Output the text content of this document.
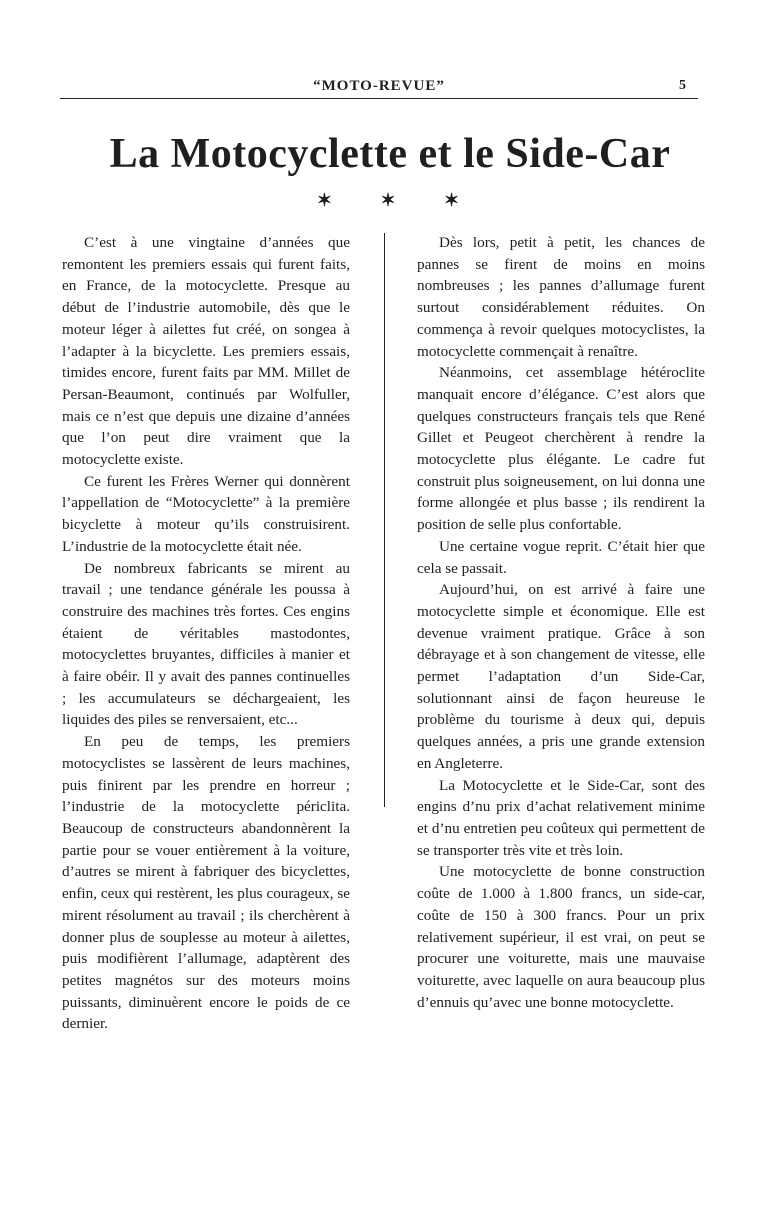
“MOTO-REVUE”	5
La Motocyclette et le Side-Car
✶ ✶ ✶

C’est à une vingtaine d’années que remontent les premiers essais qui furent faits, en France, de la motocyclette. Presque au début de l’industrie automobile, dès que le moteur léger à ailettes fut créé, on songea à l’adapter à la bicyclette. Les premiers essais, timides encore, furent faits par MM. Millet de Persan-Beaumont, continués par Wolfuller, mais ce n’est que depuis une dizaine d’années que l’on peut dire vraiment que la motocyclette existe.

Ce furent les Frères Werner qui donnèrent l’appellation de “Motocyclette” à la première bicyclette à moteur qu’ils construisirent. L’industrie de la motocyclette était née.

De nombreux fabricants se mirent au travail ; une tendance générale les poussa à construire des machines très fortes. Ces engins étaient de véritables mastodontes, motocyclettes bruyantes, difficiles à manier et à faire obéir. Il y avait des pannes continuelles ; les accumulateurs se déchargeaient, les liquides des piles se renversaient, etc...

En peu de temps, les premiers motocyclistes se lassèrent de leurs machines, puis finirent par les prendre en horreur ; l’industrie de la motocyclette périclita. Beaucoup de constructeurs abandonnèrent la partie pour se vouer entièrement à la voiture, d’autres se mirent à fabriquer des bicyclettes, enfin, ceux qui restèrent, les plus courageux, se mirent résolument au travail ; ils cherchèrent à donner plus de souplesse au moteur à ailettes, puis modifièrent l’allumage, adaptèrent des petites magnétos sur des moteurs moins puissants, diminuèrent encore le poids de ce dernier.

Dès lors, petit à petit, les chances de pannes se firent de moins en moins nombreuses ; les pannes d’allumage furent surtout considérablement réduites. On commença à revoir quelques motocyclistes, la motocyclette commençait à renaître.

Néanmoins, cet assemblage hétéroclite manquait encore d’élégance. C’est alors que quelques constructeurs français tels que René Gillet et Peugeot cherchèrent à rendre la motocyclette plus élégante. Le cadre fut construit plus soigneusement, on lui donna une forme allongée et plus basse ; ils rendirent la position de selle plus confortable.

Une certaine vogue reprit. C’était hier que cela se passait.

Aujourd’hui, on est arrivé à faire une motocyclette simple et économique. Elle est devenue vraiment pratique. Grâce à son débrayage et à son changement de vitesse, elle permet l’adaptation d’un Side-Car, solutionnant ainsi de façon heureuse le problème du tourisme à deux qui, depuis quelques années, a pris une grande extension en Angleterre.

La Motocyclette et le Side-Car, sont des engins d’nu prix d’achat relativement minime et d’nu entretien peu coûteux qui permettent de se transporter très vite et très loin.

Une motocyclette de bonne construction coûte de 1.000 à 1.800 francs, un side-car, coûte de 150 à 300 francs. Pour un prix relativement supérieur, il est vrai, on peut se procurer une voiturette, mais une mauvaise voiturette, avec laquelle on aura beaucoup plus d’ennuis qu’avec une bonne motocyclette.
